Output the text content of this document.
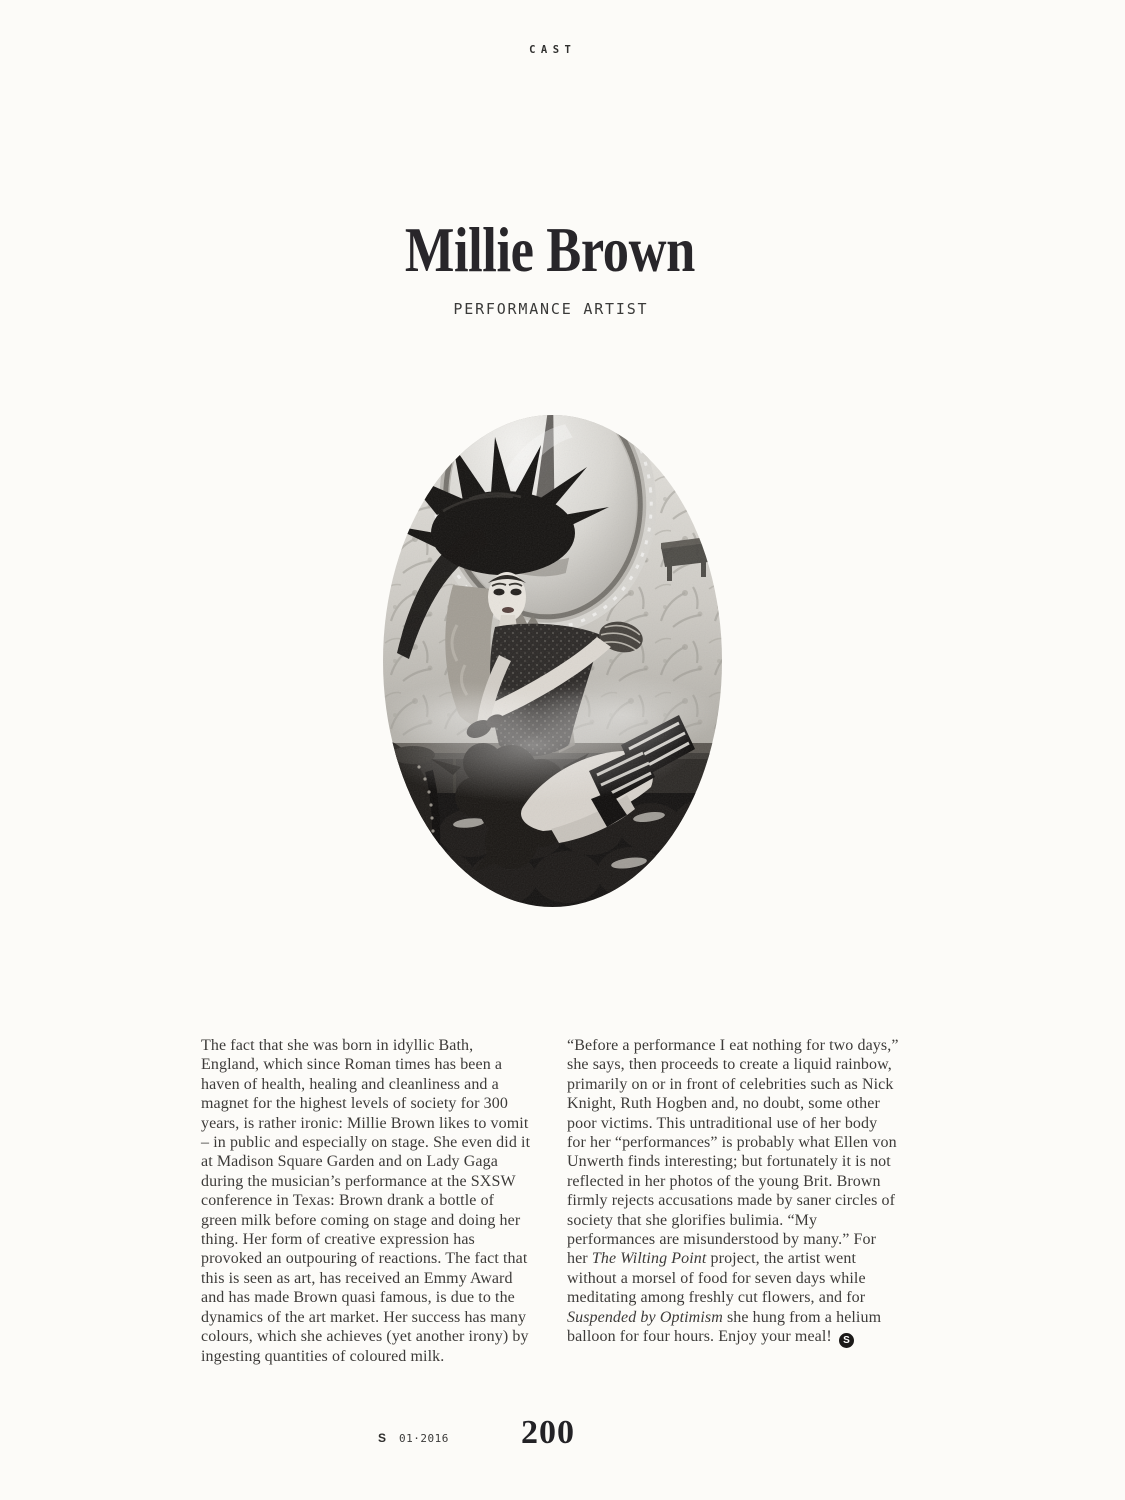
CAST
Millie Brown
PERFORMANCE ARTIST

The fact that she was born in idyllic Bath, England, which since Roman times has been a haven of health, healing and cleanliness and a magnet for the highest levels of society for 300 years, is rather ironic: Millie Brown likes to vomit – in public and especially on stage. She even did it at Madison Square Garden and on Lady Gaga during the musician’s performance at the SXSW conference in Texas: Brown drank a bottle of green milk before coming on stage and doing her thing. Her form of creative expression has provoked an outpouring of reactions. The fact that this is seen as art, has received an Emmy Award and has made Brown quasi famous, is due to the dynamics of the art market. Her success has many colours, which she achieves (yet another irony) by ingesting quantities of coloured milk.

“Before a performance I eat nothing for two days,” she says, then proceeds to create a liquid rainbow, primarily on or in front of celebrities such as Nick Knight, Ruth Hogben and, no doubt, some other poor victims. This untraditional use of her body for her “performances” is probably what Ellen von Unwerth finds interesting; but fortunately it is not reflected in her photos of the young Brit. Brown firmly rejects accusations made by saner circles of society that she glorifies bulimia. “My performances are misunderstood by many.” For her The Wilting Point project, the artist went without a morsel of food for seven days while meditating among freshly cut flowers, and for Suspended by Optimism she hung from a helium balloon for four hours. Enjoy your meal! S

S 01·2016 200
